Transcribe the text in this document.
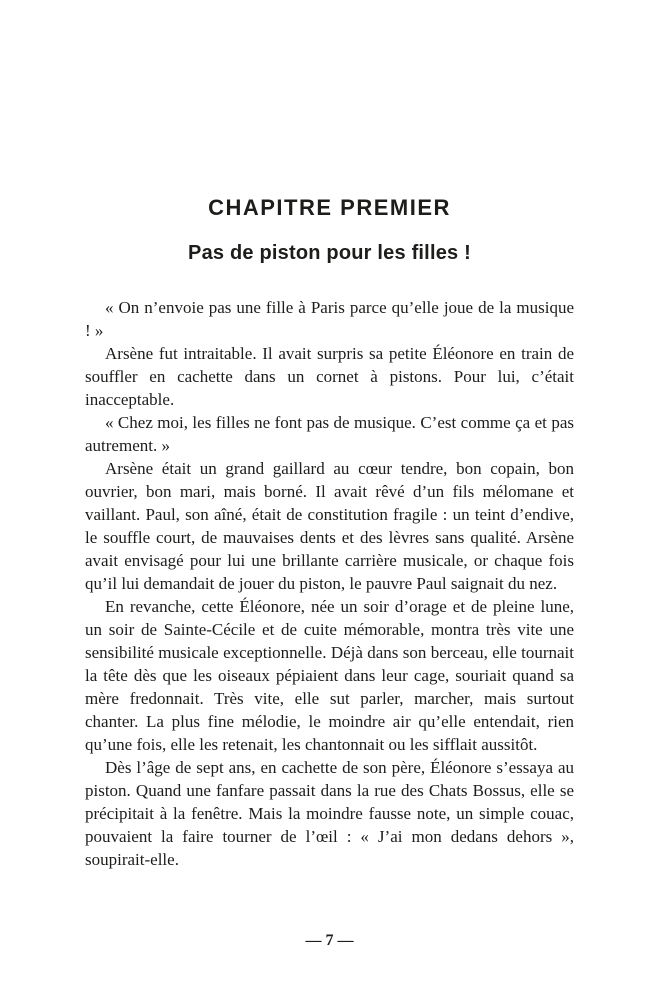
CHAPITRE PREMIER
Pas de piston pour les filles !

« On n’envoie pas une fille à Paris parce qu’elle joue de la musique ! »

Arsène fut intraitable. Il avait surpris sa petite Éléonore en train de souffler en cachette dans un cornet à pistons. Pour lui, c’était inacceptable.

« Chez moi, les filles ne font pas de musique. C’est comme ça et pas autrement. »

Arsène était un grand gaillard au cœur tendre, bon copain, bon ouvrier, bon mari, mais borné. Il avait rêvé d’un fils mélomane et vaillant. Paul, son aîné, était de constitution fragile : un teint d’endive, le souffle court, de mauvaises dents et des lèvres sans qualité. Arsène avait envisagé pour lui une brillante carrière musicale, or chaque fois qu’il lui demandait de jouer du piston, le pauvre Paul saignait du nez.

En revanche, cette Éléonore, née un soir d’orage et de pleine lune, un soir de Sainte-Cécile et de cuite mémorable, montra très vite une sensibilité musicale exceptionnelle. Déjà dans son berceau, elle tournait la tête dès que les oiseaux pépiaient dans leur cage, souriait quand sa mère fredonnait. Très vite, elle sut parler, marcher, mais surtout chanter. La plus fine mélodie, le moindre air qu’elle entendait, rien qu’une fois, elle les retenait, les chantonnait ou les sifflait aussitôt.

Dès l’âge de sept ans, en cachette de son père, Éléonore s’essaya au piston. Quand une fanfare passait dans la rue des Chats Bossus, elle se précipitait à la fenêtre. Mais la moindre fausse note, un simple couac, pouvaient la faire tourner de l’œil : « J’ai mon dedans dehors », soupirait-elle.

— 7 —
